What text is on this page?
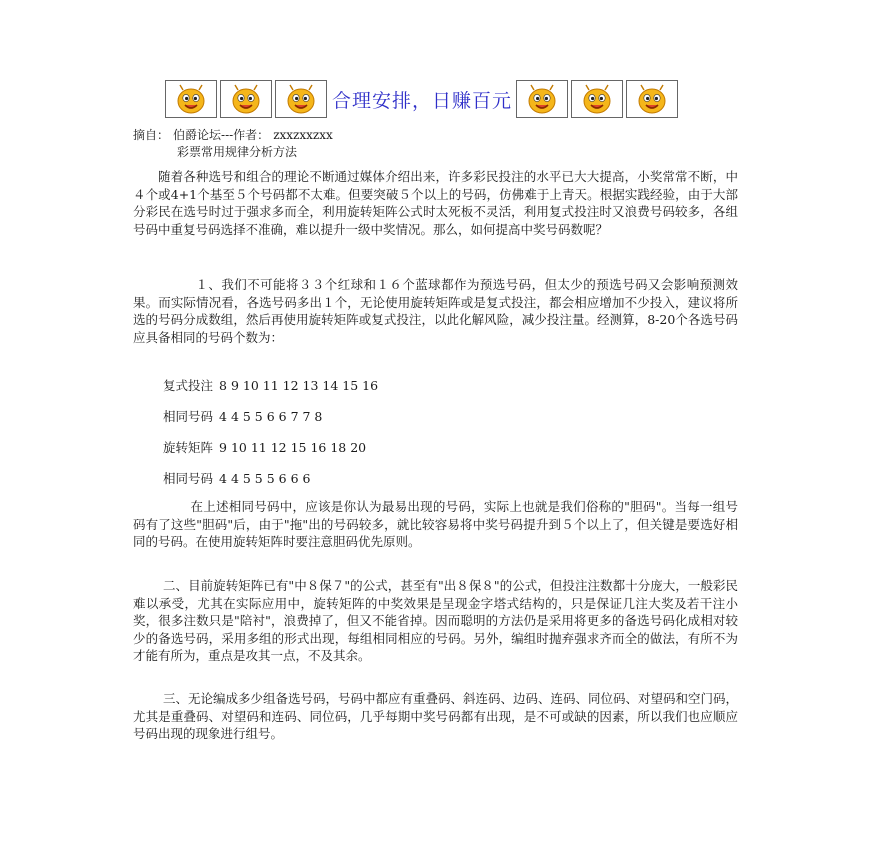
合理安排，日赚百元
摘自： 伯爵论坛---作者： zxxzxxzxx
彩票常用规律分析方法
随着各种选号和组合的理论不断通过媒体介绍出来，许多彩民投注的水平已大大提高，小奖常常不断，中４个或4+1个基至５个号码都不太难。但要突破５个以上的号码，仿佛难于上青天。根据实践经验，由于大部分彩民在选号时过于强求多而全，利用旋转矩阵公式时太死板不灵活，利用复式投注时又浪费号码较多，各组号码中重复号码选择不准确，难以提升一级中奖情况。那么，如何提高中奖号码数呢？
１、我们不可能将３３个红球和１６个蓝球都作为预选号码，但太少的预选号码又会影响预测效果。而实际情况看，各选号码多出１个，无论使用旋转矩阵或是复式投注，都会相应增加不少投入，建议将所选的号码分成数组，然后再使用旋转矩阵或复式投注，以此化解风险，减少投注量。经测算，8-20个各选号码应具备相同的号码个数为：
复式投注 8 9 10 11 12 13 14 15 16
相同号码 4 4 5 5 6 6 7 7 8
旋转矩阵 9 10 11 12 15 16 18 20
相同号码 4 4 5 5 5 6 6 6
在上述相同号码中，应该是你认为最易出现的号码，实际上也就是我们俗称的"胆码"。当每一组号码有了这些"胆码"后，由于"拖"出的号码较多，就比较容易将中奖号码提升到５个以上了，但关键是要选好相同的号码。在使用旋转矩阵时要注意胆码优先原则。
二、目前旋转矩阵已有"中８保７"的公式，甚至有"出８保８"的公式，但投注注数都十分庞大，一般彩民难以承受，尤其在实际应用中，旋转矩阵的中奖效果是呈现金字塔式结构的，只是保证几注大奖及若干注小奖，很多注数只是"陪衬"，浪费掉了，但又不能省掉。因而聪明的方法仍是采用将更多的备选号码化成相对较少的备选号码，采用多组的形式出现，每组相同相应的号码。另外，编组时抛弃强求齐而全的做法，有所不为才能有所为，重点是攻其一点，不及其余。
三、无论编成多少组备选号码，号码中都应有重叠码、斜连码、边码、连码、同位码、对望码和空门码，尤其是重叠码、对望码和连码、同位码，几乎每期中奖号码都有出现，是不可或缺的因素，所以我们也应顺应号码出现的现象进行组号。
